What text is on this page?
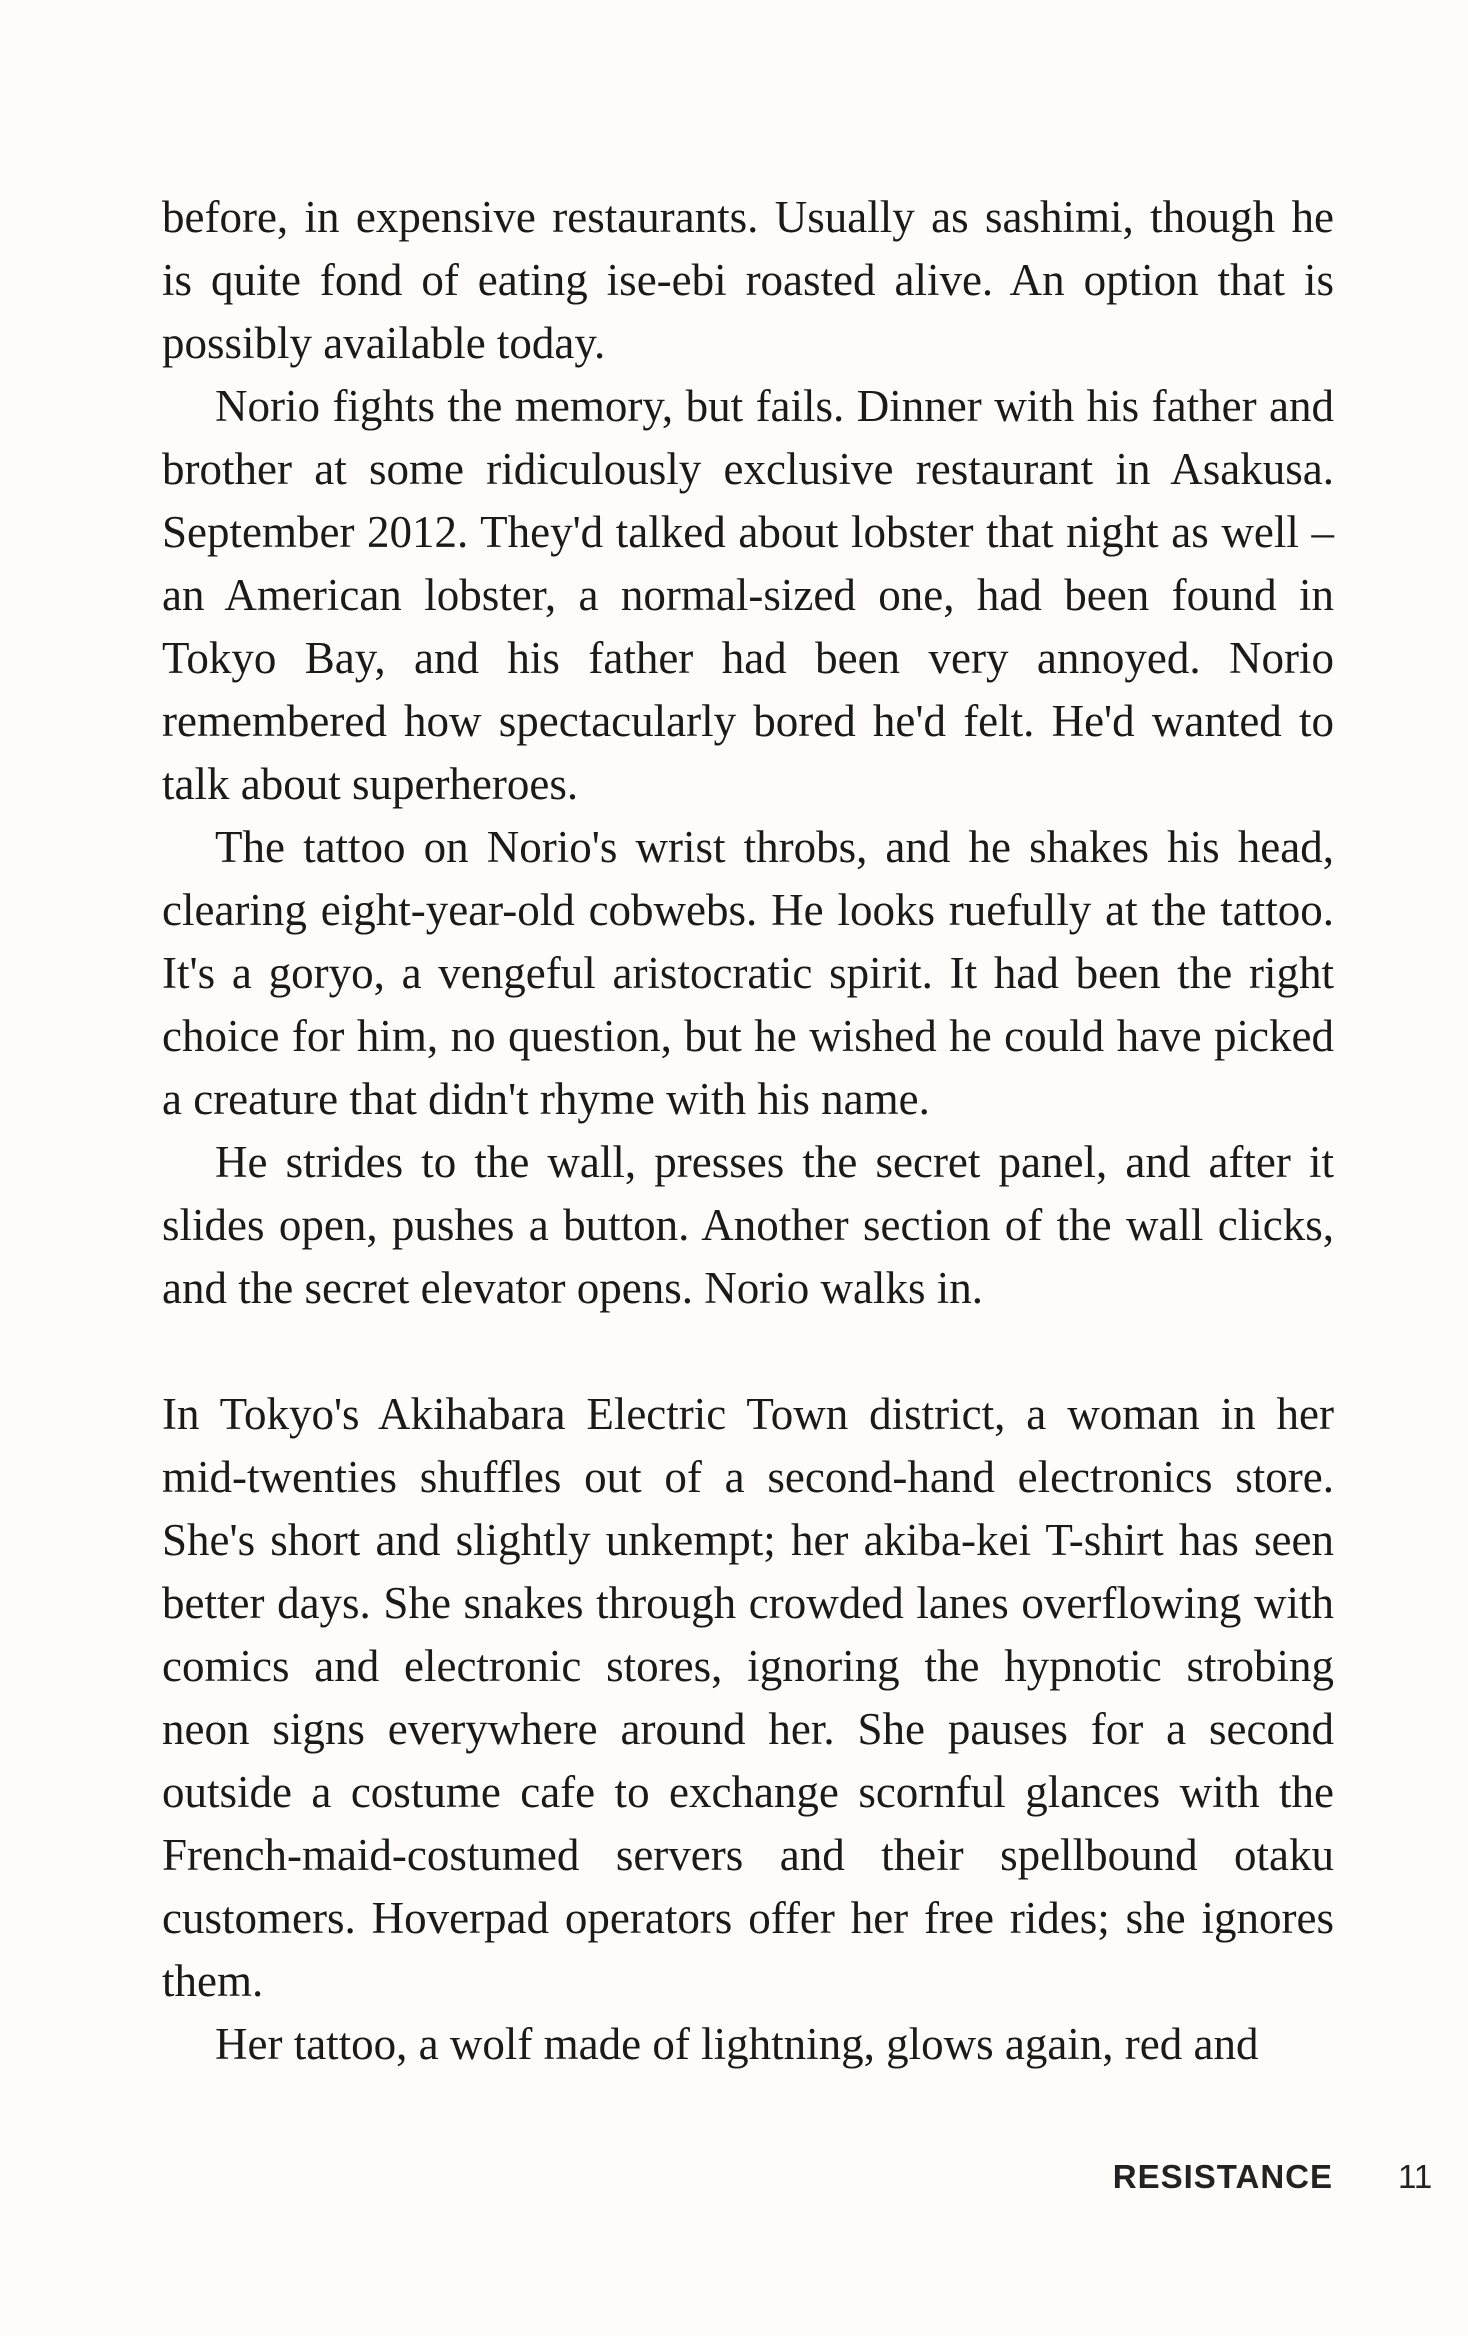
before, in expensive restaurants. Usually as sashimi, though he is quite fond of eating ise-ebi roasted alive. An option that is possibly available today.

Norio fights the memory, but fails. Dinner with his father and brother at some ridiculously exclusive restaurant in Asakusa. September 2012. They'd talked about lobster that night as well – an American lobster, a normal-sized one, had been found in Tokyo Bay, and his father had been very annoyed. Norio remembered how spectacularly bored he'd felt. He'd wanted to talk about superheroes.

The tattoo on Norio's wrist throbs, and he shakes his head, clearing eight-year-old cobwebs. He looks ruefully at the tattoo. It's a goryo, a vengeful aristocratic spirit. It had been the right choice for him, no question, but he wished he could have picked a creature that didn't rhyme with his name.

He strides to the wall, presses the secret panel, and after it slides open, pushes a button. Another section of the wall clicks, and the secret elevator opens. Norio walks in.

In Tokyo's Akihabara Electric Town district, a woman in her mid-twenties shuffles out of a second-hand electronics store. She's short and slightly unkempt; her akiba-kei T-shirt has seen better days. She snakes through crowded lanes overflowing with comics and electronic stores, ignoring the hypnotic strobing neon signs everywhere around her. She pauses for a second outside a costume cafe to exchange scornful glances with the French-maid-costumed servers and their spellbound otaku customers. Hoverpad operators offer her free rides; she ignores them.

Her tattoo, a wolf made of lightning, glows again, red and

RESISTANCE 11
